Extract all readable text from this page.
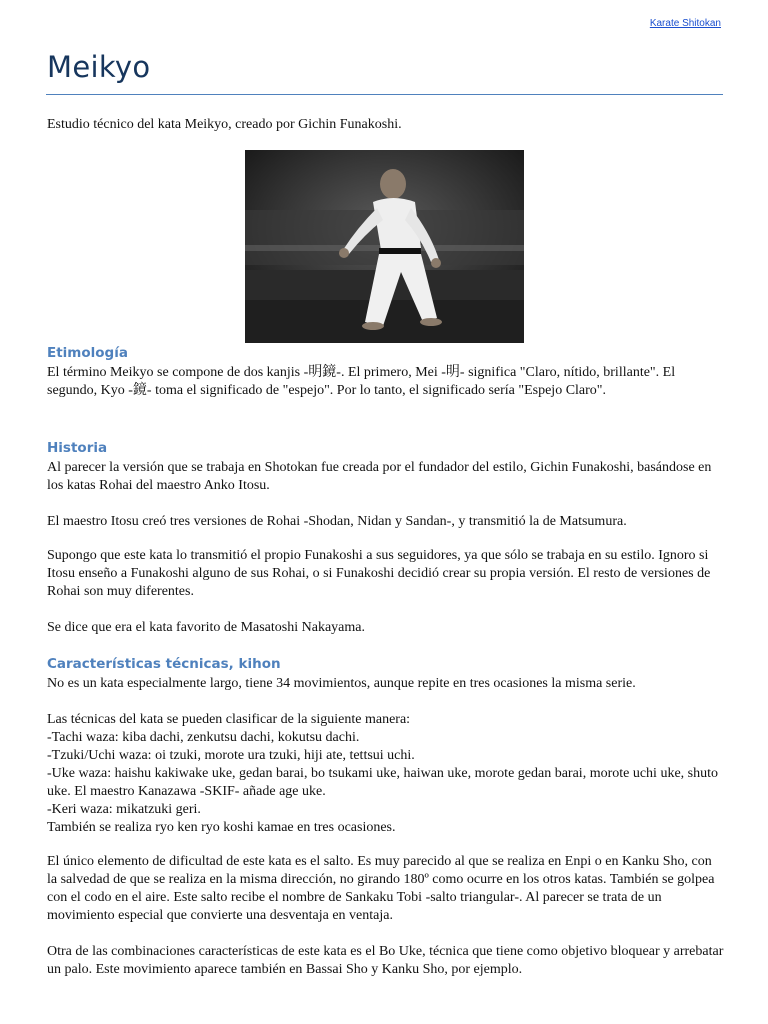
Karate Shitokan
Meikyo

Estudio técnico del kata Meikyo, creado por Gichin Funakoshi.

Etimología

El término Meikyo se compone de dos kanjis -明鏡-. El primero, Mei -明- significa "Claro, nítido, brillante". El segundo, Kyo -鏡- toma el significado de "espejo". Por lo tanto, el significado sería "Espejo Claro".

Historia

Al parecer la versión que se trabaja en Shotokan fue creada por el fundador del estilo, Gichin Funakoshi, basándose en los katas Rohai del maestro Anko Itosu.

El maestro Itosu creó tres versiones de Rohai -Shodan, Nidan y Sandan-, y transmitió la de Matsumura.

Supongo que este kata lo transmitió el propio Funakoshi a sus seguidores, ya que sólo se trabaja en su estilo. Ignoro si Itosu enseño a Funakoshi alguno de sus Rohai, o si Funakoshi decidió crear su propia versión. El resto de versiones de Rohai son muy diferentes.

Se dice que era el kata favorito de Masatoshi Nakayama.

Características técnicas, kihon

No es un kata especialmente largo, tiene 34 movimientos, aunque repite en tres ocasiones la misma serie.

Las técnicas del kata se pueden clasificar de la siguiente manera:

-Tachi waza: kiba dachi, zenkutsu dachi, kokutsu dachi.

-Tzuki/Uchi waza: oi tzuki, morote ura tzuki, hiji ate, tettsui uchi.

-Uke waza: haishu kakiwake uke, gedan barai, bo tsukami uke, haiwan uke, morote gedan barai, morote uchi uke, shuto uke. El maestro Kanazawa -SKIF- añade age uke.

-Keri waza: mikatzuki geri.

También se realiza ryo ken ryo koshi kamae en tres ocasiones.

El único elemento de dificultad de este kata es el salto. Es muy parecido al que se realiza en Enpi o en Kanku Sho, con la salvedad de que se realiza en la misma dirección, no girando 180º como ocurre en los otros katas. También se golpea con el codo en el aire. Este salto recibe el nombre de Sankaku Tobi -salto triangular-. Al parecer se trata de un movimiento especial que convierte una desventaja en ventaja.

Otra de las combinaciones características de este kata es el Bo Uke, técnica que tiene como objetivo bloquear y arrebatar un palo. Este movimiento aparece también en Bassai Sho y Kanku Sho, por ejemplo.
